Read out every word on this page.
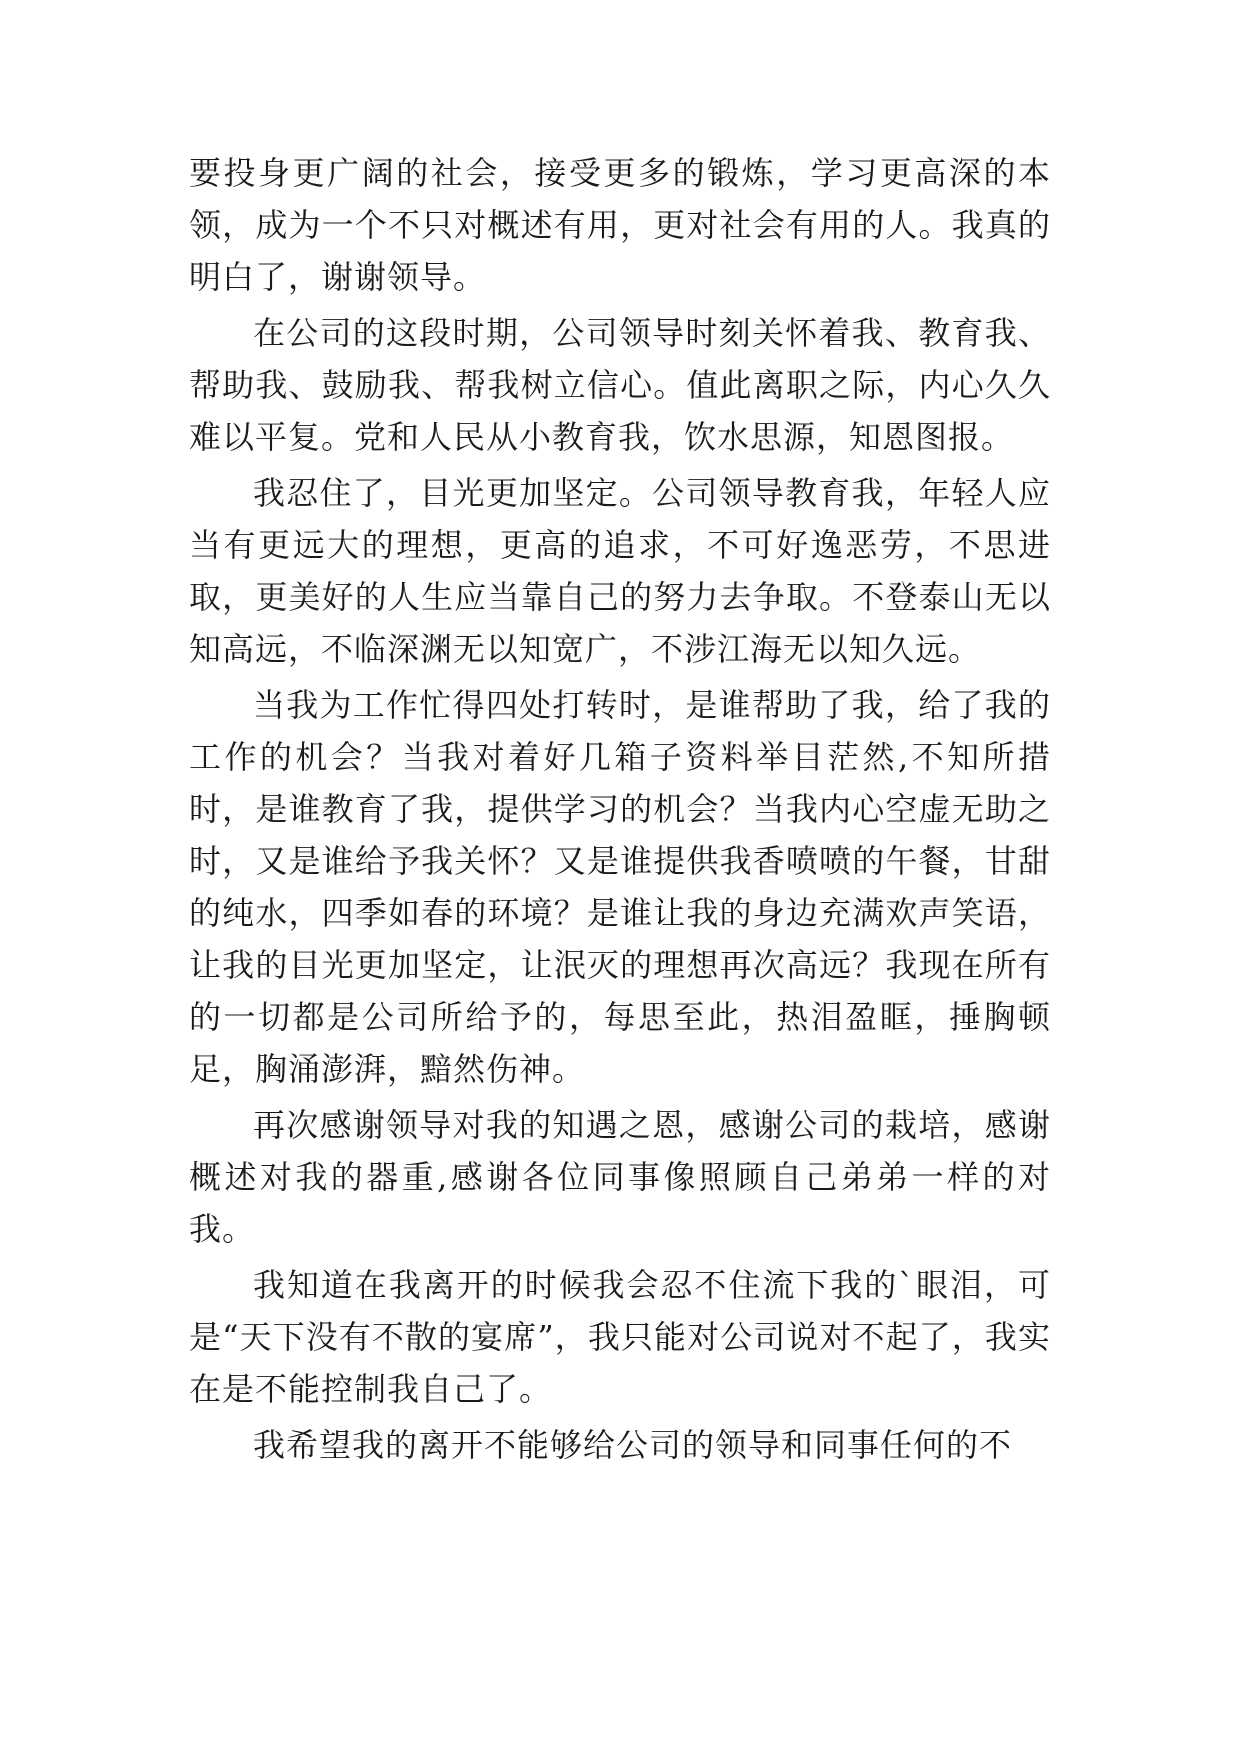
要投身更广阔的社会，接受更多的锻炼，学习更高深的本领，成为一个不只对概述有用，更对社会有用的人。我真的明白了，谢谢领导。

在公司的这段时期，公司领导时刻关怀着我、教育我、帮助我、鼓励我、帮我树立信心。值此离职之际，内心久久难以平复。党和人民从小教育我，饮水思源，知恩图报。

我忍住了，目光更加坚定。公司领导教育我，年轻人应当有更远大的理想，更高的追求，不可好逸恶劳，不思进取，更美好的人生应当靠自己的努力去争取。不登泰山无以知高远，不临深渊无以知宽广，不涉江海无以知久远。

当我为工作忙得四处打转时，是谁帮助了我，给了我的工作的机会？当我对着好几箱子资料举目茫然,不知所措时，是谁教育了我，提供学习的机会？当我内心空虚无助之时，又是谁给予我关怀？又是谁提供我香喷喷的午餐，甘甜的纯水，四季如春的环境？是谁让我的身边充满欢声笑语，让我的目光更加坚定，让泯灭的理想再次高远？我现在所有的一切都是公司所给予的，每思至此，热泪盈眶，捶胸顿足，胸涌澎湃，黯然伤神。

再次感谢领导对我的知遇之恩，感谢公司的栽培，感谢概述对我的器重,感谢各位同事像照顾自己弟弟一样的对我。

我知道在我离开的时候我会忍不住流下我的`眼泪，可是“天下没有不散的宴席”，我只能对公司说对不起了，我实在是不能控制我自己了。

我希望我的离开不能够给公司的领导和同事任何的不
